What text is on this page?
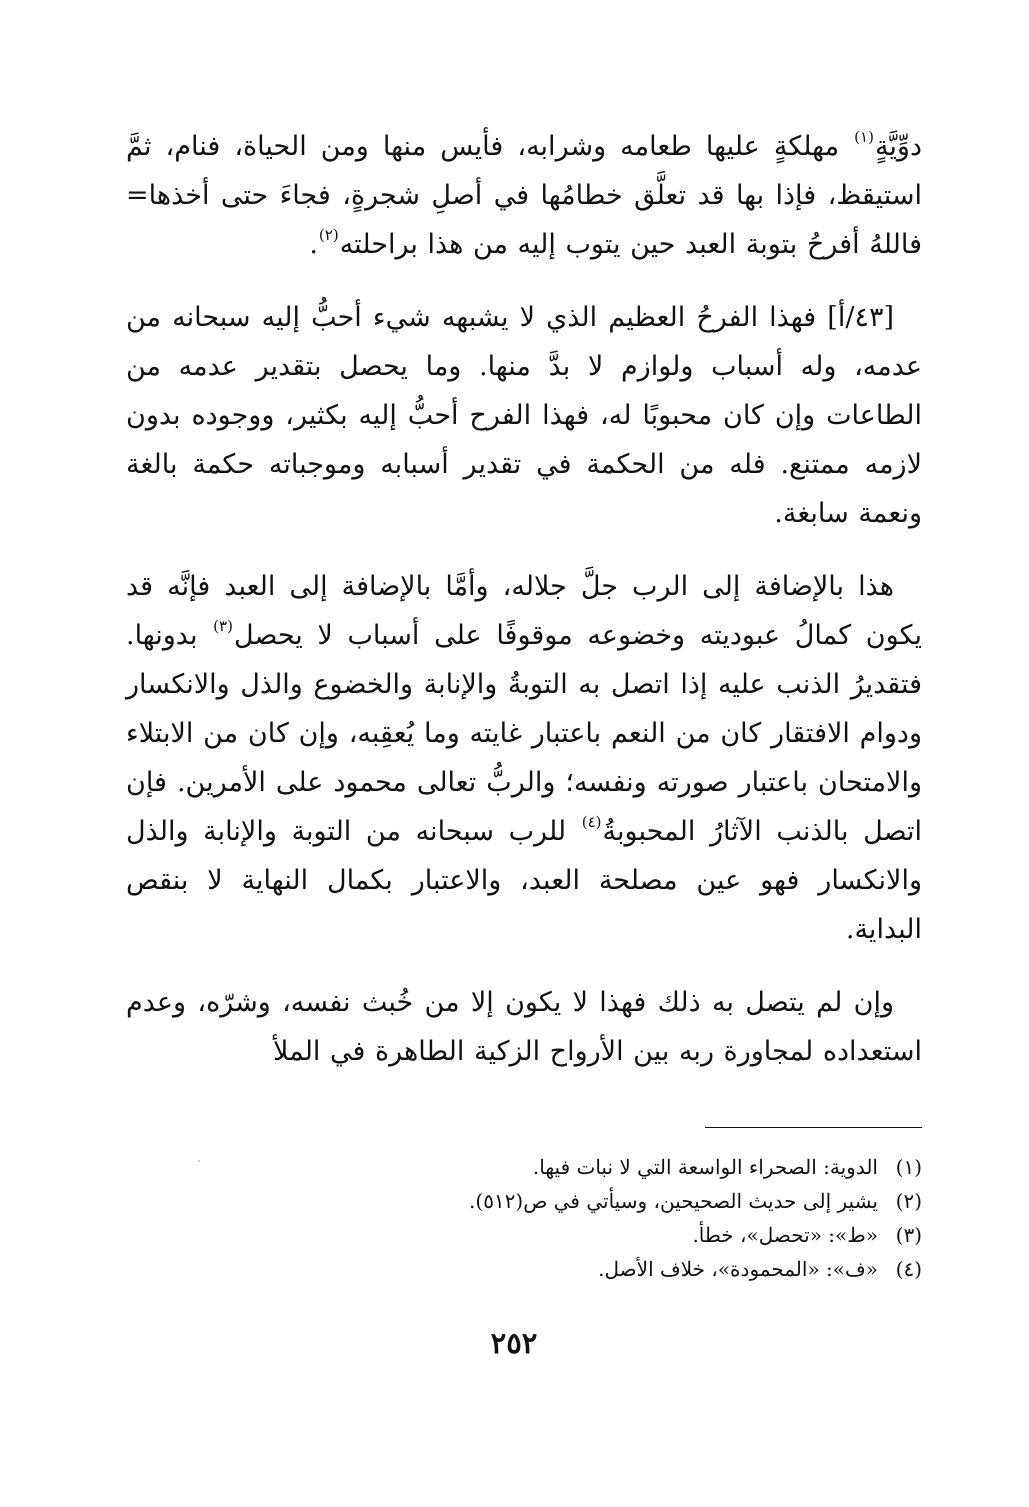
دوِّيَّةٍ$^{(١)}$ مهلكةٍ عليها طعامه وشرابه، فأيس منها ومن الحياة، فنام، ثمَّ استيقظ، فإذا بها قد تعلَّق خطامُها في أصلِ شجرةٍ، فجاءَ حتى أخذها= فاللهُ أفرحُ بتوبة العبد حين يتوب إليه من هذا براحلته$^{(٢)}$.

[٤٣/أ] فهذا الفرحُ العظيم الذي لا يشبهه شيء أحبُّ إليه سبحانه من عدمه، وله أسباب ولوازم لا بدَّ منها. وما يحصل بتقدير عدمه من الطاعات وإن كان محبوبًا له، فهذا الفرح أحبُّ إليه بكثير، ووجوده بدون لازمه ممتنع. فله من الحكمة في تقدير أسبابه وموجباته حكمة بالغة ونعمة سابغة.

هذا بالإضافة إلى الرب جلَّ جلاله، وأمَّا بالإضافة إلى العبد فإنَّه قد يكون كمالُ عبوديته وخضوعه موقوفًا على أسباب لا يحصل$^{(٣)}$ بدونها. فتقديرُ الذنب عليه إذا اتصل به التوبةُ والإنابة والخضوع والذل والانكسار ودوام الافتقار كان من النعم باعتبار غايته وما يُعقِبه، وإن كان من الابتلاء والامتحان باعتبار صورته ونفسه؛ والربُّ تعالى محمود على الأمرين. فإن اتصل بالذنب الآثارُ المحبوبةُ$^{(٤)}$ للرب سبحانه من التوبة والإنابة والذل والانكسار فهو عين مصلحة العبد، والاعتبار بكمال النهاية لا بنقص البداية.

وإن لم يتصل به ذلك فهذا لا يكون إلا من خُبث نفسه، وشرّه، وعدم استعداده لمجاورة ربه بين الأرواح الزكية الطاهرة في الملأ

(١)الدوية: الصحراء الواسعة التي لا نبات فيها.
(٢)يشير إلى حديث الصحيحين، وسيأتي في ص(٥١٢).
(٣)«ط»: «تحصل»، خطأ.
(٤)«ف»: «المحمودة»، خلاف الأصل.
٢٥٢
